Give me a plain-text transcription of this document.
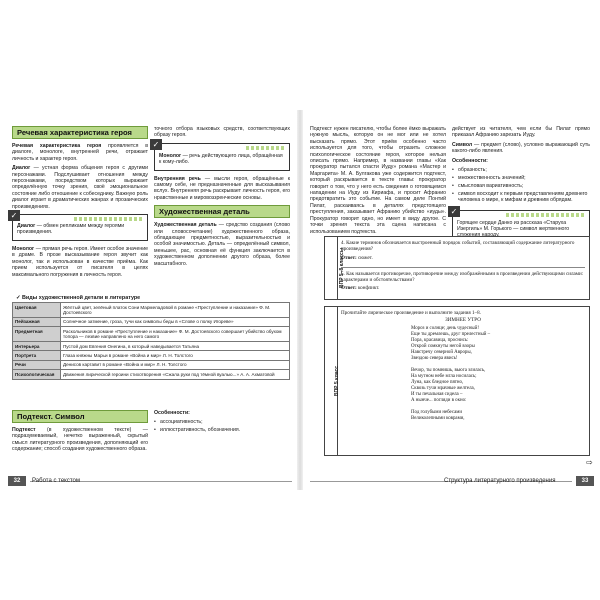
Речевая характеристика героя

Речевая характеристика героя проявляется в диалоге, монологе, внутренней речи, отражает личность и характер героя.

Диалог — устная форма общения героя с другими персонажами. Подслушивает отношения между персонажами, посредством которых выражает определённую точку зрения, своё эмоциональное состояние либо отношение к собеседнику. Важную роль диалог играет в драматических жанрах и прозаических произведениях.

✓
Диалог — обмен репликами между героями произведения.

Монолог — прямая речь героя. Имеет особое значение в драме. В прозе высказывание героя звучит как монолог, так и использован в качестве приёма. Как прием используется от писателя в целях максимального погружения в личность героя.

точного отбора языковых средств, соответствующих образу героя.

✓
Монолог — речь действующего лица, обращённая к кому-либо.

Внутренняя речь — мысли героя, обращённые к самому себе, не предназначенные для высказывания вслух. Внутренняя речь раскрывает личность героя, его нравственные и мировоззренческие основы.

Художественная деталь

Художественная деталь — средство создания (слово или словосочетание) художественного образа, обладающее предметностью, выразительностью и особой значимостью. Деталь — определённый символ, меньшее, рас, основная её функция заключается в художественном дополнении другого образа, более масштабного.

✓ Виды художественной детали в литературе
Цветовая	Жёлтый цвет, зелёный платок Сони Мармеладовой в романе «Преступление и наказание» Ф. М. Достоевского
Пейзажная	Солнечное затмение, гроза, тучи как символы беды в «Слове о полку Игореве»
Предметная	Раскольников в романе «Преступление и наказание» Ф. М. Достоевского совершает убийство обухом топора — лезвие направлено на него самого
Интерьера	Пустой дом Евгения Онегина, в который наведывается Татьяна
Портрета	Глаза княжны Марьи в романе «Война и мир» Л. Н. Толстого
Речи	Денисов картавит в романе «Война и мир» Л. Н. Толстого
Психологическая	Движения лирической героини стихотворения «Сжала руки под тёмной вуалью...» А. А. Ахматовой
Подтекст. Символ

Подтекст (в художественном тексте) — подразумеваемый, нечетко выраженный, скрытый смысл литературного произведения, дополняющий его содержание; способ создания художественного образа.

Особенности:

• ассоциативность;
• иллюстративность, обозначения.
32	Работа с текстом

Подтекст нужен писателю, чтобы более ёмко выражать нужную мысль, которую он не мог или не хотел высказать прямо. Этот приём особенно часто используется для того, чтобы отразить сложное психологическое состояние героя, которое нельзя описать прямо. Например, в названии главы «Как прокуратор пытался спасти Иуду» романа «Мастер и Маргарита» М. А. Булгакова уже содержится подтекст, который раскрывается в тексте главы: прокуратор говорит о том, что у него есть сведения о готовящемся нападении на Иуду из Кириафа, и просит Афранио предотвратить это событие. На самом деле Понтий Пилат, раскаиваясь в деталях предстоящего преступления, заказывает Афранию убийство «иуды». Прокуратор говорит одно, но имеет в виду другое. С точки зрения текста эта сцена написана с использованием подтекста.

действует из читателя, чем если бы Пилат прямо приказал Афранию зарезать Иуду.

Символ — предмет (слово), условно выражающий суть какого-либо явления.

Особенности:

• образность;
• множественность значений;
• смысловая вариативность;
• символ восходит к первым представлениям древнего человека о мире, к мифам и древним обрядам.
✓
Горящее сердце Данко из рассказа «Старуха Изергиль» М. Горького — символ жертвенного
ВПР 5–8 классы
4. Какие терминов обозначается выстроенный порядок событий, составляющий содержание литературного произведения?
Ответ: сюжет.
5. Как называется противоречие, противоречие между изображёнными в произведении действующими силами: характерами и обстоятельствами?
Ответ: конфликт.
ВПР 5 класс
Прочитайте лирическое произведение и выполните задания 1–8.
ЗИМНЕЕ УТРО
Мороз и солнце; день чудесный!
Еще ты дремлешь, друг прелестный –
Пора, красавица, проснись:
Открой сомкнуты негой взоры
Навстречу северной Авроры,
Звездою севера явись!
Вечор, ты помнишь, вьюга злилась,
На мутном небе мгла носилась;
Луна, как бледное пятно,
Сквозь тучи мрачные желтела,
И ты печальная сидела –
А нынче... погляди в окно:
Под голубыми небесами
Великолепными коврами,
⇨
Структура литературного произведения	33
